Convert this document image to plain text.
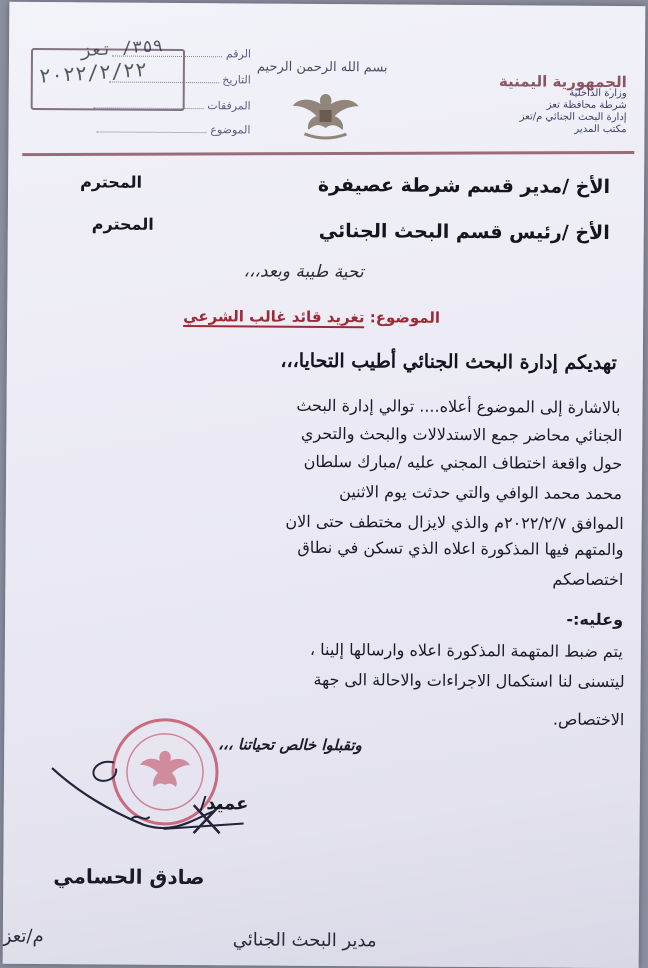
الجمهورية اليمنية
وزارة الداخلية
شرطة محافظة تعز
إدارة البحث الجنائي م/تعز
مكتب المدير
بسم الله الرحمن الرحيم
الرقم
٣٥٩/ تعز
التاريخ
٢٠٢٢/٢/٢٢
المرفقات
الموضوع
الأخ /مدير قسم شرطة عصيفرة
المحترم
الأخ /رئيس قسم البحث الجنائي
المحترم
تحية طيبة وبعد،،،
الموضوع: تغريد قائد غالب الشرعي
تهديكم إدارة البحث الجنائي أطيب التحايا،،،
بالاشارة إلى الموضوع أعلاه.... توالي إدارة البحث
الجنائي محاضر جمع الاستدلالات والبحث والتحري
حول واقعة اختطاف المجني عليه /مبارك سلطان
محمد محمد الوافي والتي حدثت يوم الاثنين
الموافق ٢٠٢٢/٢/٧م والذي لايزال مختطف حتى الان
والمتهم فيها المذكورة اعلاه الذي تسكن في نطاق
اختصاصكم
وعليه:-
يتم ضبط المتهمة المذكورة اعلاه وارسالها إلينا ،
ليتسنى لنا استكمال الاجراءات والاحالة الى جهة
الاختصاص.
وتقبلوا خالص تحياتنا ،،،
عميد/
صادق الحسامي
مدير البحث الجنائي
م/تعز
